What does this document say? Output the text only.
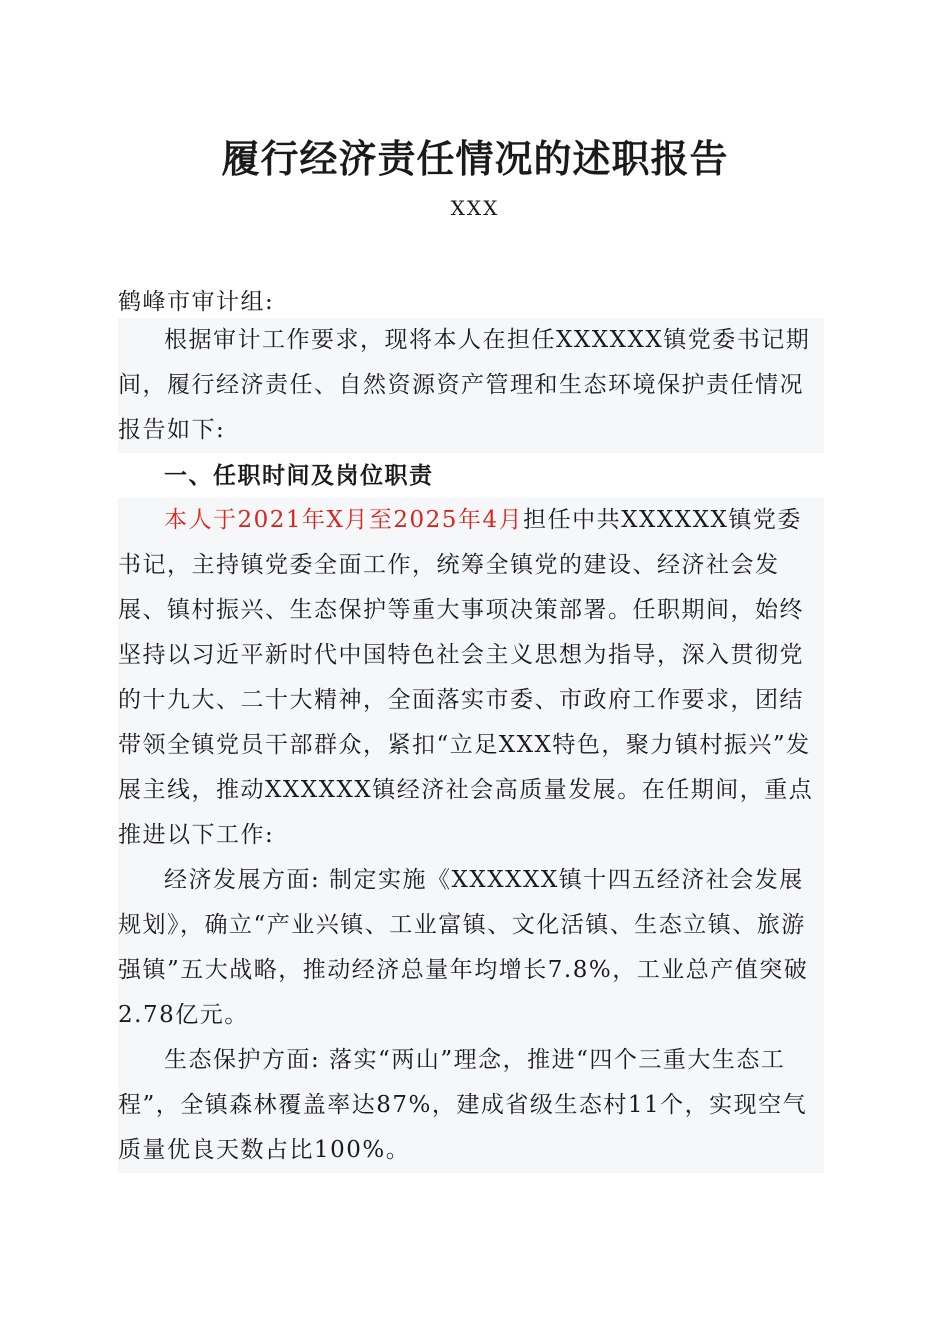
履行经济责任情况的述职报告
XXX
鹤峰市审计组:
根据审计工作要求，现将本人在担任XXXXXX镇党委书记期间，履行经济责任、自然资源资产管理和生态环境保护责任情况报告如下:
一、任职时间及岗位职责
本人于2021年X月至2025年4月担任中共XXXXXX镇党委书记，主持镇党委全面工作，统筹全镇党的建设、经济社会发展、镇村振兴、生态保护等重大事项决策部署。任职期间，始终坚持以习近平新时代中国特色社会主义思想为指导，深入贯彻党的十九大、二十大精神，全面落实市委、市政府工作要求，团结带领全镇党员干部群众，紧扣“立足XXX特色，聚力镇村振兴”发展主线，推动XXXXXX镇经济社会高质量发展。在任期间，重点推进以下工作:
经济发展方面: 制定实施《XXXXXX镇十四五经济社会发展规划》，确立“产业兴镇、工业富镇、文化活镇、生态立镇、旅游强镇”五大战略，推动经济总量年均增长7.8%，工业总产值突破2.78亿元。
生态保护方面: 落实“两山”理念，推进“四个三重大生态工程”，全镇森林覆盖率达87%，建成省级生态村11个，实现空气质量优良天数占比100%。
